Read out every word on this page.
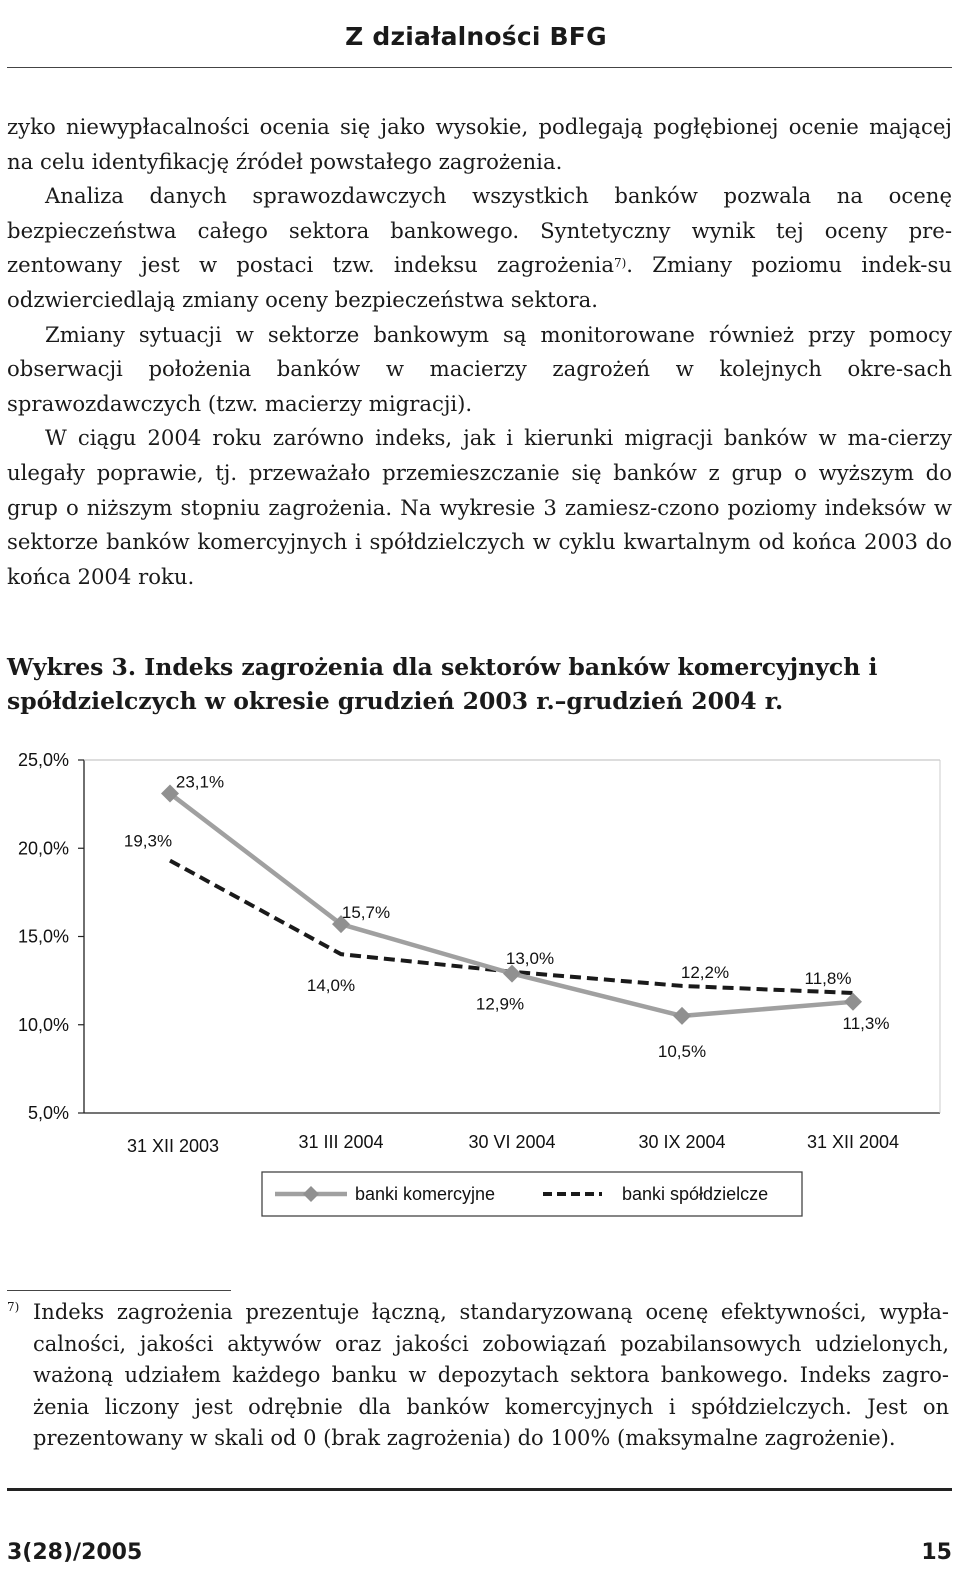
Z działalności BFG

zyko niewypłacalności ocenia się jako wysokie, podlegają pogłębionej ocenie mającej na celu identyfikację źródeł powstałego zagrożenia.

Analiza danych sprawozdawczych wszystkich banków pozwala na ocenę bezpieczeństwa całego sektora bankowego. Syntetyczny wynik tej oceny pre-zentowany jest w postaci tzw. indeksu zagrożenia$^{7)}$. Zmiany poziomu indek-su odzwierciedlają zmiany oceny bezpieczeństwa sektora.

Zmiany sytuacji w sektorze bankowym są monitorowane również przy pomocy obserwacji położenia banków w macierzy zagrożeń w kolejnych okre-sach sprawozdawczych (tzw. macierzy migracji).

W ciągu 2004 roku zarówno indeks, jak i kierunki migracji banków w ma-cierzy ulegały poprawie, tj. przeważało przemieszczanie się banków z grup o wyższym do grup o niższym stopniu zagrożenia. Na wykresie 3 zamiesz-czono poziomy indeksów w sektorze banków komercyjnych i spółdzielczych w cyklu kwartalnym od końca 2003 do końca 2004 roku.

Wykres 3. Indeks zagrożenia dla sektorów banków komercyjnych i spółdzielczych w okresie grudzień 2003 r.–grudzień 2004 r.
25,0%
20,0%
15,0%
10,0%
5,0%
31 XII 2003	31 III 2004	30 VI 2004	30 IX 2004	31 XII 2004
23,1%
15,7%
12,9%
10,5%
11,3%
19,3%
14,0%
13,0%
12,2%	11,8%
banki komercyjne	banki spółdzielcze
7) Indeks zagrożenia prezentuje łączną, standaryzowaną ocenę efektywności, wypła-calności, jakości aktywów oraz jakości zobowiązań pozabilansowych udzielonych, ważoną udziałem każdego banku w depozytach sektora bankowego. Indeks zagro-żenia liczony jest odrębnie dla banków komercyjnych i spółdzielczych. Jest on prezentowany w skali od 0 (brak zagrożenia) do 100% (maksymalne zagrożenie).
3(28)/2005	15
